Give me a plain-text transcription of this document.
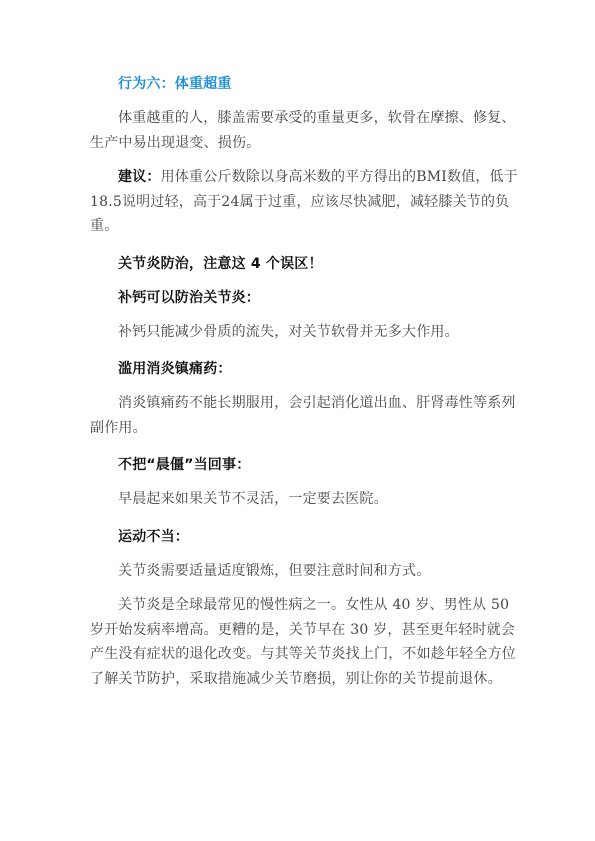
行为六：体重超重

体重越重的人，膝盖需要承受的重量更多，软骨在摩擦、修复、生产中易出现退变、损伤。

建议：用体重公斤数除以身高米数的平方得出的BMI数值，低于18.5说明过轻，高于24属于过重，应该尽快减肥，减轻膝关节的负重。

关节炎防治，注意这 4 个误区！

补钙可以防治关节炎：

补钙只能减少骨质的流失，对关节软骨并无多大作用。

滥用消炎镇痛药：

消炎镇痛药不能长期服用，会引起消化道出血、肝肾毒性等系列副作用。

不把“晨僵”当回事：

早晨起来如果关节不灵活，一定要去医院。

运动不当：

关节炎需要适量适度锻炼，但要注意时间和方式。

关节炎是全球最常见的慢性病之一。女性从 40 岁、男性从 50 岁开始发病率增高。更糟的是，关节早在 30 岁，甚至更年轻时就会产生没有症状的退化改变。与其等关节炎找上门，不如趁年轻全方位了解关节防护，采取措施减少关节磨损，别让你的关节提前退休。
